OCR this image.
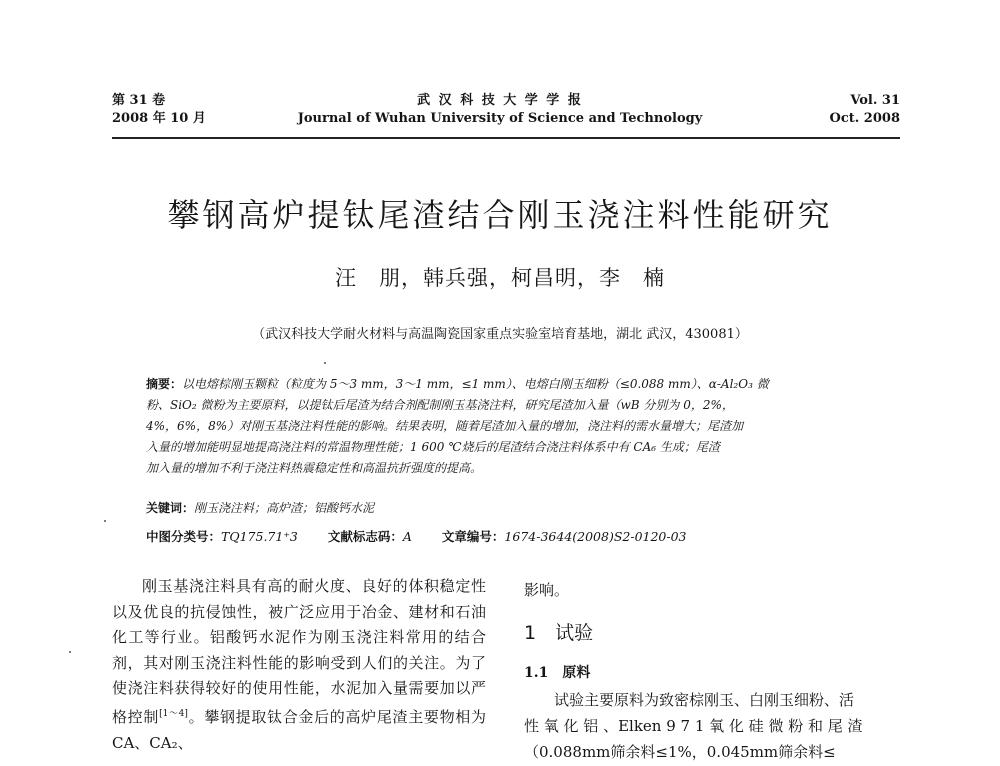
第 31 卷
2008 年 10 月
武 汉 科 技 大 学 学 报
Journal of Wuhan University of Science and Technology
Vol. 31
Oct. 2008
攀钢高炉提钛尾渣结合刚玉浇注料性能研究
汪　朋，韩兵强，柯昌明，李　楠
（武汉科技大学耐火材料与高温陶瓷国家重点实验室培育基地，湖北 武汉，430081）
摘要：以电熔棕刚玉颗粒（粒度为 5～3 mm，3～1 mm，≤1 mm）、电熔白刚玉细粉（≤0.088 mm）、α-Al₂O₃ 微
粉、SiO₂ 微粉为主要原料，以提钛后尾渣为结合剂配制刚玉基浇注料，研究尾渣加入量（wB 分别为 0，2%，
4%，6%，8%）对刚玉基浇注料性能的影响。结果表明，随着尾渣加入量的增加，浇注料的需水量增大；尾渣加
入量的增加能明显地提高浇注料的常温物理性能；1 600 ℃烧后的尾渣结合浇注料体系中有 CA₆ 生成；尾渣
加入量的增加不利于浇注料热震稳定性和高温抗折强度的提高。
关键词：刚玉浇注料；高炉渣；铝酸钙水泥
中图分类号：TQ175.71⁺3 文献标志码：A 文章编号：1674-3644(2008)S2-0120-03
刚玉基浇注料具有高的耐火度、良好的体积稳定性以及优良的抗侵蚀性，被广泛应用于冶金、建材和石油化工等行业。铝酸钙水泥作为刚玉浇注料常用的结合剂，其对刚玉浇注料性能的影响受到人们的关注。为了使浇注料获得较好的使用性能，水泥加入量需要加以严格控制[1～4]。攀钢提取钛合金后的高炉尾渣主要物相为 CA、CA₂、
影响。
1　试验
1.1　原料
试验主要原料为致密棕刚玉、白刚玉细粉、活
性 氧 化 铝 、Elken 9 7 1 氧 化 硅 微 粉 和 尾 渣
（0.088mm筛余料≤1%，0.045mm筛余料≤
